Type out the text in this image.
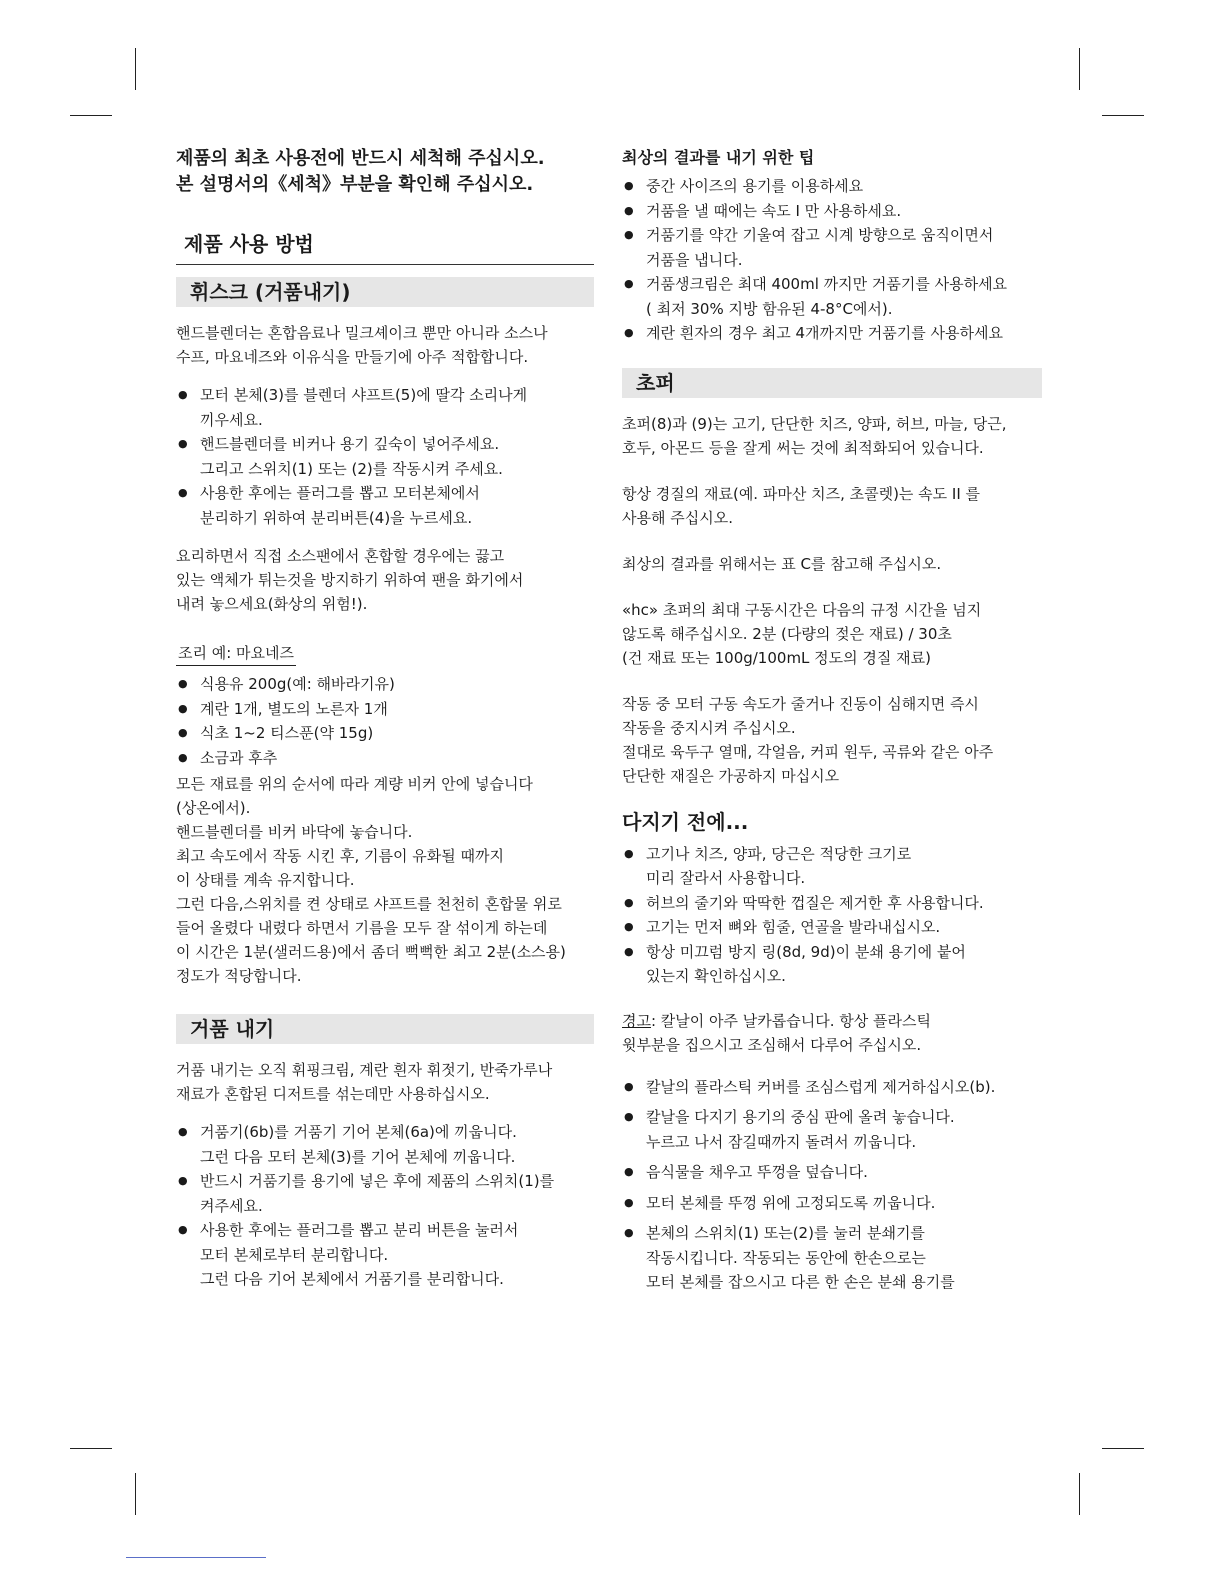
제품의 최초 사용전에 반드시 세척해 주십시오.

본 설명서의《세척》부분을 확인해 주십시오.

제품 사용 방법
휘스크 (거품내기)

핸드블렌더는 혼합음료나 밀크셰이크 뿐만 아니라 소스나

수프, 마요네즈와 이유식을 만들기에 아주 적합합니다.

● 모터 본체(3)를 블렌더 샤프트(5)에 딸각 소리나게
끼우세요.
● 핸드블렌더를 비커나 용기 깊숙이 넣어주세요.
그리고 스위치(1) 또는 (2)를 작동시켜 주세요.
● 사용한 후에는 플러그를 뽑고 모터본체에서
분리하기 위하여 분리버튼(4)을 누르세요.

요리하면서 직접 소스팬에서 혼합할 경우에는 끓고

있는 액체가 튀는것을 방지하기 위하여 팬을 화기에서

내려 놓으세요(화상의 위험!).

조리 예: 마요네즈
● 식용유 200g(예: 해바라기유)
● 계란 1개, 별도의 노른자 1개
● 식초 1~2 티스푼(약 15g)
● 소금과 후추

모든 재료를 위의 순서에 따라 계량 비커 안에 넣습니다

(상온에서).

핸드블렌더를 비커 바닥에 놓습니다.

최고 속도에서 작동 시킨 후, 기름이 유화될 때까지

이 상태를 계속 유지합니다.

그런 다음,스위치를 켠 상태로 샤프트를 천천히 혼합물 위로

들어 올렸다 내렸다 하면서 기름을 모두 잘 섞이게 하는데

이 시간은 1분(샐러드용)에서 좀더 뻑뻑한 최고 2분(소스용)

정도가 적당합니다.

거품 내기

거품 내기는 오직 휘핑크림, 계란 흰자 휘젓기, 반죽가루나

재료가 혼합된 디저트를 섞는데만 사용하십시오.

● 거품기(6b)를 거품기 기어 본체(6a)에 끼웁니다.
그런 다음 모터 본체(3)를 기어 본체에 끼웁니다.
● 반드시 거품기를 용기에 넣은 후에 제품의 스위치(1)를
켜주세요.
● 사용한 후에는 플러그를 뽑고 분리 버튼을 눌러서
모터 본체로부터 분리합니다.
그런 다음 기어 본체에서 거품기를 분리합니다.

최상의 결과를 내기 위한 팁

● 중간 사이즈의 용기를 이용하세요
● 거품을 낼 때에는 속도 I 만 사용하세요.
● 거품기를 약간 기울여 잡고 시계 방향으로 움직이면서
거품을 냅니다.
● 거품생크림은 최대 400ml 까지만 거품기를 사용하세요
( 최저 30% 지방 함유된 4-8°C에서).
● 계란 흰자의 경우 최고 4개까지만 거품기를 사용하세요
초퍼

초퍼(8)과 (9)는 고기, 단단한 치즈, 양파, 허브, 마늘, 당근,

호두, 아몬드 등을 잘게 써는 것에 최적화되어 있습니다.

항상 경질의 재료(예. 파마산 치즈, 초콜렛)는 속도 II 를

사용해 주십시오.

최상의 결과를 위해서는 표 C를 참고해 주십시오.

«hc» 초퍼의 최대 구동시간은 다음의 규정 시간을 넘지

않도록 해주십시오. 2분 (다량의 젖은 재료) / 30초

(건 재료 또는 100g/100mL 정도의 경질 재료)

작동 중 모터 구동 속도가 줄거나 진동이 심해지면 즉시

작동을 중지시켜 주십시오.

절대로 육두구 열매, 각얼음, 커피 원두, 곡류와 같은 아주

단단한 재질은 가공하지 마십시오

다지기 전에...

● 고기나 치즈, 양파, 당근은 적당한 크기로
미리 잘라서 사용합니다.
● 허브의 줄기와 딱딱한 껍질은 제거한 후 사용합니다.
● 고기는 먼저 뼈와 힘줄, 연골을 발라내십시오.
● 항상 미끄럼 방지 링(8d, 9d)이 분쇄 용기에 붙어
있는지 확인하십시오.

경고: 칼날이 아주 날카롭습니다. 항상 플라스틱

윗부분을 집으시고 조심해서 다루어 주십시오.

● 칼날의 플라스틱 커버를 조심스럽게 제거하십시오(b).
● 칼날을 다지기 용기의 중심 판에 올려 놓습니다.
누르고 나서 잠길때까지 돌려서 끼웁니다.
● 음식물을 채우고 뚜껑을 덮습니다.
● 모터 본체를 뚜껑 위에 고정되도록 끼웁니다.
● 본체의 스위치(1) 또는(2)를 눌러 분쇄기를
작동시킵니다. 작동되는 동안에 한손으로는
모터 본체를 잡으시고 다른 한 손은 분쇄 용기를
